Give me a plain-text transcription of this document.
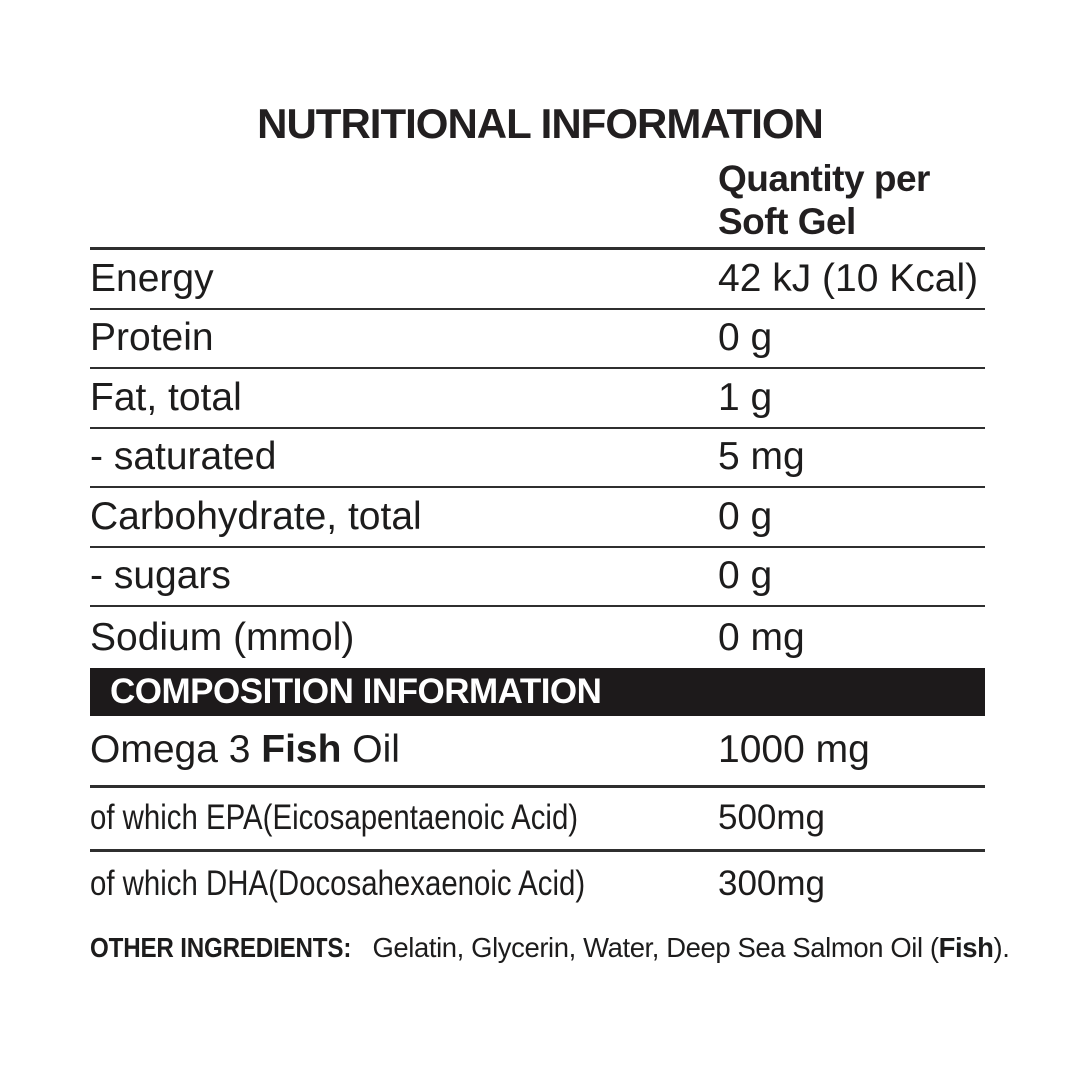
NUTRITIONAL INFORMATION
Quantity per
Soft Gel
Energy	42 kJ (10 Kcal)
Protein	0 g
Fat, total	1 g
- saturated	5 mg
Carbohydrate, total	0 g
- sugars	0 g
Sodium (mmol)	0 mg
COMPOSITION INFORMATION
Omega 3 Fish Oil	1000 mg
of which EPA(Eicosapentaenoic Acid)	500mg
of which DHA(Docosahexaenoic Acid)	300mg
OTHER INGREDIENTS: Gelatin, Glycerin, Water, Deep Sea Salmon Oil (Fish).
